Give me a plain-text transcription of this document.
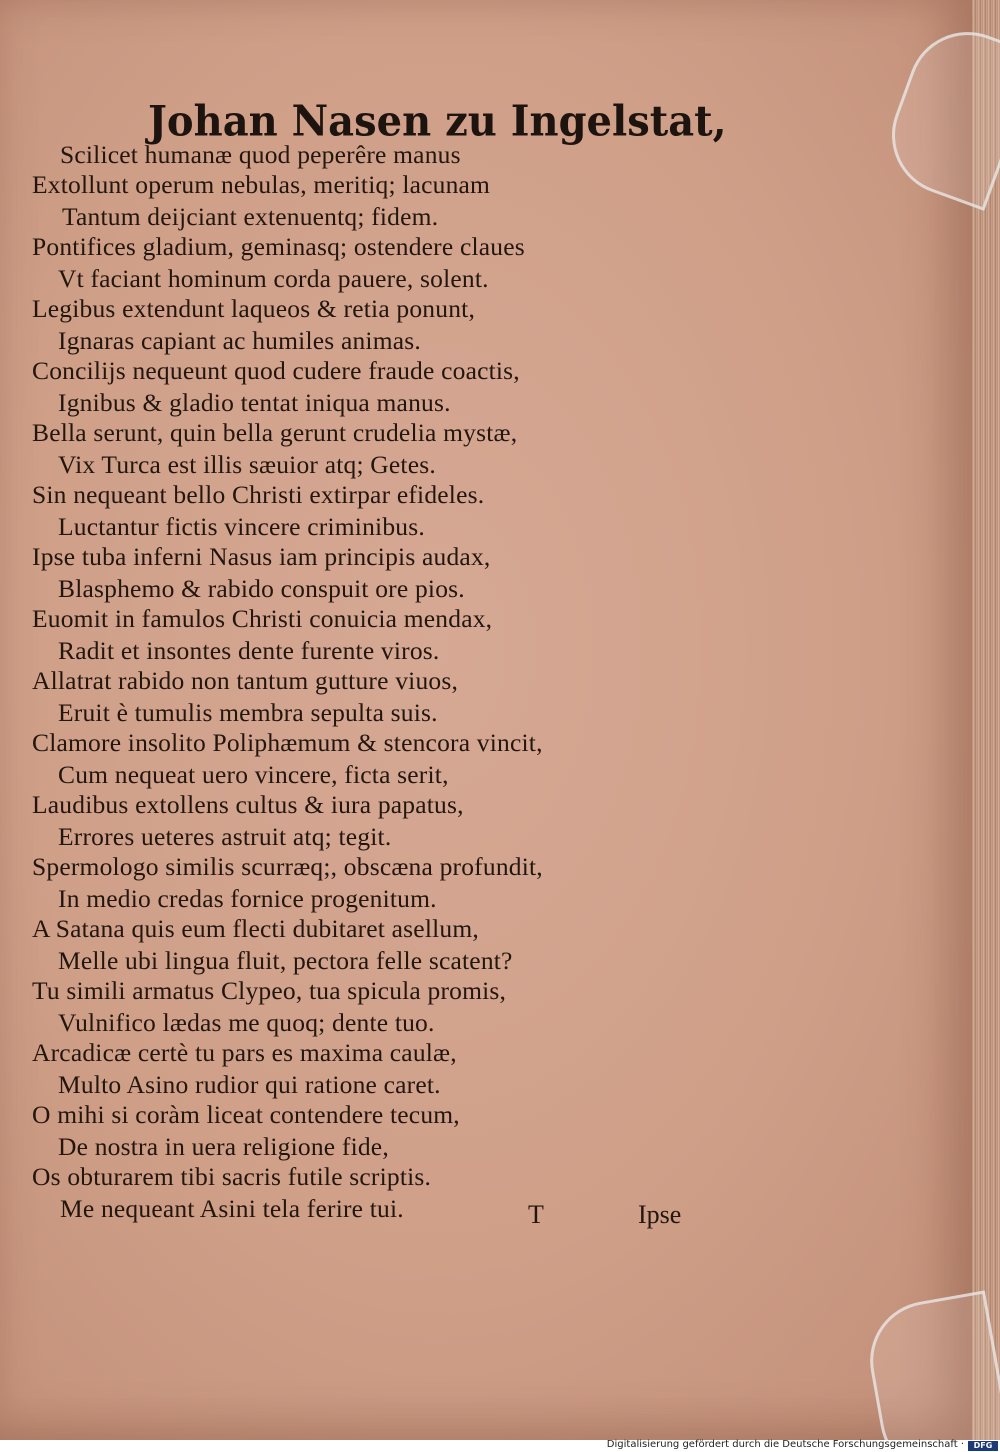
Johan Nasen zu Ingelstat,
Scilicet humanæ quod peperêre manus
Extollunt operum nebulas, meritiq; lacunam
Tantum deijciant extenuentq; fidem.
Pontifices gladium, geminasq; ostendere claues
Vt faciant hominum corda pauere, solent.
Legibus extendunt laqueos & retia ponunt,
Ignaras capiant ac humiles animas.
Concilijs nequeunt quod cudere fraude coactis,
Ignibus & gladio tentat iniqua manus.
Bella serunt, quin bella gerunt crudelia mystæ,
Vix Turca est illis sæuior atq; Getes.
Sin nequeant bello Christi extirpar efideles.
Luctantur fictis vincere criminibus.
Ipse tuba inferni Nasus iam principis audax,
Blasphemo & rabido conspuit ore pios.
Euomit in famulos Christi conuicia mendax,
Radit et insontes dente furente viros.
Allatrat rabido non tantum gutture viuos,
Eruit è tumulis membra sepulta suis.
Clamore insolito Poliphæmum & stencora vincit,
Cum nequeat uero vincere, ficta serit,
Laudibus extollens cultus & iura papatus,
Errores ueteres astruit atq; tegit.
Spermologo similis scurræq;, obscæna profundit,
In medio credas fornice progenitum.
A Satana quis eum flecti dubitaret asellum,
Melle ubi lingua fluit, pectora felle scatent?
Tu simili armatus Clypeo, tua spicula promis,
Vulnifico lædas me quoq; dente tuo.
Arcadicæ certè tu pars es maxima caulæ,
Multo Asino rudior qui ratione caret.
O mihi si coràm liceat contendere tecum,
De nostra in uera religione fide,
Os obturarem tibi sacris futile scriptis.
Me nequeant Asini tela ferire tui.	T	Ipse
Digitalisierung gefördert durch die Deutsche Forschungsgemeinschaft ·	DFG
